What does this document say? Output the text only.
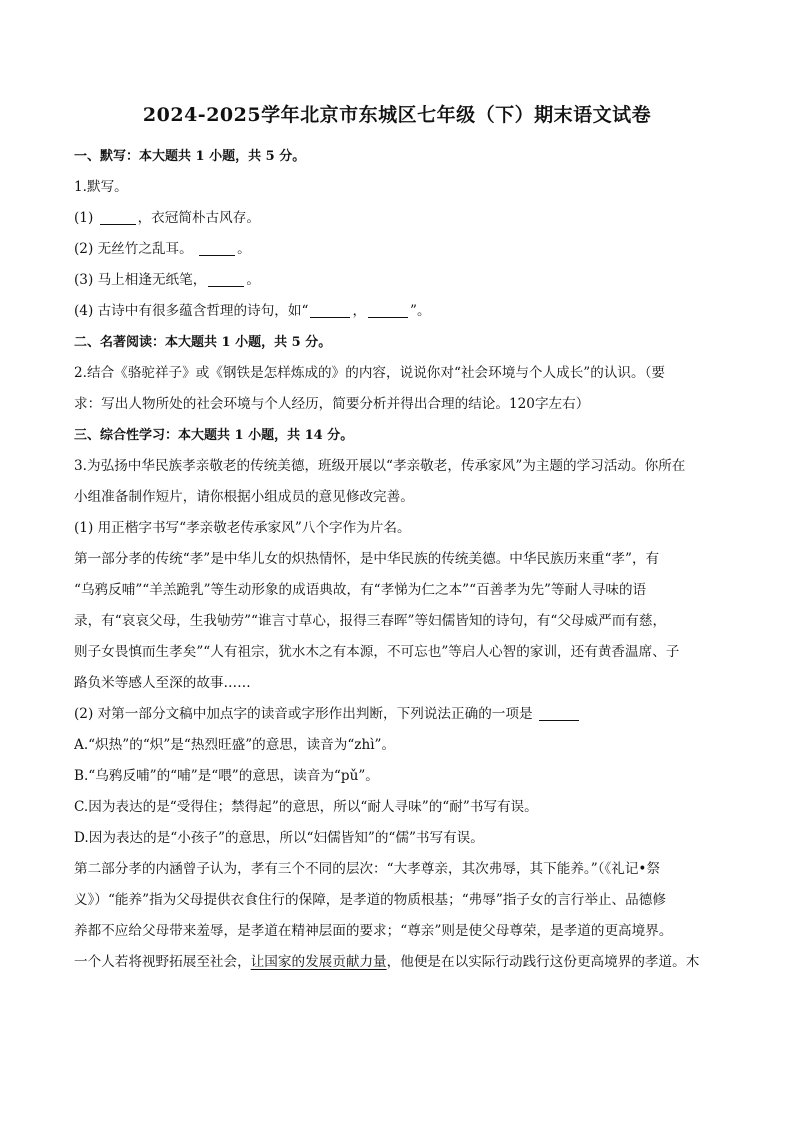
2024-2025学年北京市东城区七年级（下）期末语文试卷

一、默写：本大题共 1 小题，共 5 分。

1.默写。

(1)	，衣冠简朴古风存。

(2) 无丝竹之乱耳。	。

(3) 马上相逢无纸笔，	。

(4) 古诗中有很多蕴含哲理的诗句，如“	，	”。

二、名著阅读：本大题共 1 小题，共 5 分。

2.结合《骆驼祥子》或《钢铁是怎样炼成的》的内容，说说你对“社会环境与个人成长”的认识。（要

求：写出人物所处的社会环境与个人经历，简要分析并得出合理的结论。120字左右）

三、综合性学习：本大题共 1 小题，共 14 分。

3.为弘扬中华民族孝亲敬老的传统美德，班级开展以“孝亲敬老，传承家风”为主题的学习活动。你所在

小组准备制作短片，请你根据小组成员的意见修改完善。

(1) 用正楷字书写“孝亲敬老传承家风”八个字作为片名。

第一部分孝的传统“孝”是中华儿女的炽热情怀，是中华民族的传统美德。中华民族历来重“孝”，有

“乌鸦反哺”“羊羔跪乳”等生动形象的成语典故，有“孝悌为仁之本”“百善孝为先”等耐人寻味的语

录，有“哀哀父母，生我劬劳”“谁言寸草心，报得三春晖”等妇儒皆知的诗句，有“父母威严而有慈，

则子女畏慎而生孝矣”“人有祖宗，犹水木之有本源，不可忘也”等启人心智的家训，还有黄香温席、子

路负米等感人至深的故事……

(2) 对第一部分文稿中加点字的读音或字形作出判断，下列说法正确的一项是

A.“炽热”的“炽”是“热烈旺盛”的意思，读音为“zhì”。

B.“乌鸦反哺”的“哺”是“喂”的意思，读音为“pǔ”。

C.因为表达的是“受得住；禁得起”的意思，所以“耐人寻味”的“耐”书写有误。

D.因为表达的是“小孩子”的意思，所以“妇儒皆知”的“儒”书写有误。

第二部分孝的内涵曾子认为，孝有三个不同的层次：“大孝尊亲，其次弗辱，其下能养。”（《礼记•祭

义》）“能养”指为父母提供衣食住行的保障，是孝道的物质根基；“弗辱”指子女的言行举止、品德修

养都不应给父母带来羞辱，是孝道在精神层面的要求；“尊亲”则是使父母尊荣，是孝道的更高境界。

一个人若将视野拓展至社会，让国家的发展贡献力量，他便是在以实际行动践行这份更高境界的孝道。木
